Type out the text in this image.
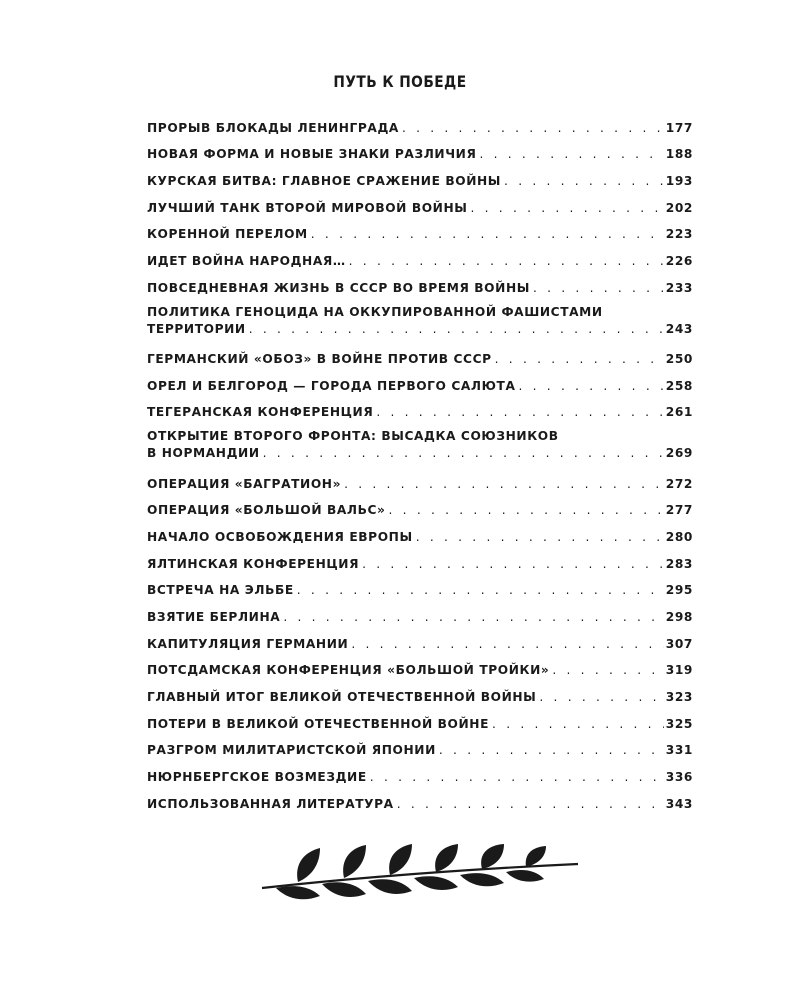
ПУТЬ К ПОБЕДЕ
ПРОРЫВ БЛОКАДЫ ЛЕНИНГРАДА . . .	177
НОВАЯ ФОРМА И НОВЫЕ ЗНАКИ РАЗЛИЧИЯ . . .	188
КУРСКАЯ БИТВА: ГЛАВНОЕ СРАЖЕНИЕ ВОЙНЫ . . .	193
ЛУЧШИЙ ТАНК ВТОРОЙ МИРОВОЙ ВОЙНЫ . . .	202
КОРЕННОЙ ПЕРЕЛОМ . . .	223
ИДЕТ ВОЙНА НАРОДНАЯ… . . .	226
ПОВСЕДНЕВНАЯ ЖИЗНЬ В СССР ВО ВРЕМЯ ВОЙНЫ . . .	233
ПОЛИТИКА ГЕНОЦИДА НА ОККУПИРОВАННОЙ ФАШИСТАМИ
ТЕРРИТОРИИ . . .	243
ГЕРМАНСКИЙ «ОБОЗ» В ВОЙНЕ ПРОТИВ СССР . . .	250
ОРЕЛ И БЕЛГОРОД — ГОРОДА ПЕРВОГО САЛЮТА . . .	258
ТЕГЕРАНСКАЯ КОНФЕРЕНЦИЯ . . .	261
ОТКРЫТИЕ ВТОРОГО ФРОНТА: ВЫСАДКА СОЮЗНИКОВ
В НОРМАНДИИ . . .	269
ОПЕРАЦИЯ «БАГРАТИОН» . . .	272
ОПЕРАЦИЯ «БОЛЬШОЙ ВАЛЬС» . . .	277
НАЧАЛО ОСВОБОЖДЕНИЯ ЕВРОПЫ . . .	280
ЯЛТИНСКАЯ КОНФЕРЕНЦИЯ . . .	283
ВСТРЕЧА НА ЭЛЬБЕ . . .	295
ВЗЯТИЕ БЕРЛИНА . . .	298
КАПИТУЛЯЦИЯ ГЕРМАНИИ . . .	307
ПОТСДАМСКАЯ КОНФЕРЕНЦИЯ «БОЛЬШОЙ ТРОЙКИ» . . .	319
ГЛАВНЫЙ ИТОГ ВЕЛИКОЙ ОТЕЧЕСТВЕННОЙ ВОЙНЫ . . .	323
ПОТЕРИ В ВЕЛИКОЙ ОТЕЧЕСТВЕННОЙ ВОЙНЕ . . .	325
РАЗГРОМ МИЛИТАРИСТСКОЙ ЯПОНИИ . . .	331
НЮРНБЕРГСКОЕ ВОЗМЕЗДИЕ . . .	336
ИСПОЛЬЗОВАННАЯ ЛИТЕРАТУРА . . .	343
